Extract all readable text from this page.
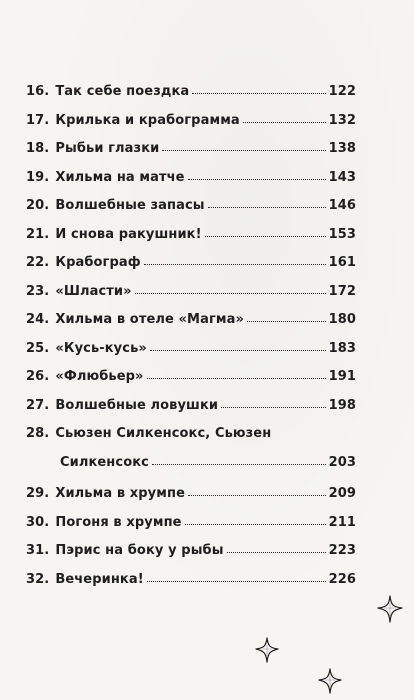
16. Так себе поездка	122
17. Крилька и крабограмма	132
18. Рыбьи глазки	138
19. Хильма на матче	143
20. Волшебные запасы	146
21. И снова ракушник!	153
22. Крабограф	161
23. «Шласти»	172
24. Хильма в отеле «Магма»	180
25. «Кусь-кусь»	183
26. «Флюбьер»	191
27. Волшебные ловушки	198
28. Сьюзен Силкенсокс, Сьюзен
Силкенсокс	203
29. Хильма в хрумпе	209
30. Погоня в хрумпе	211
31. Пэрис на боку у рыбы	223
32. Вечеринка!	226
